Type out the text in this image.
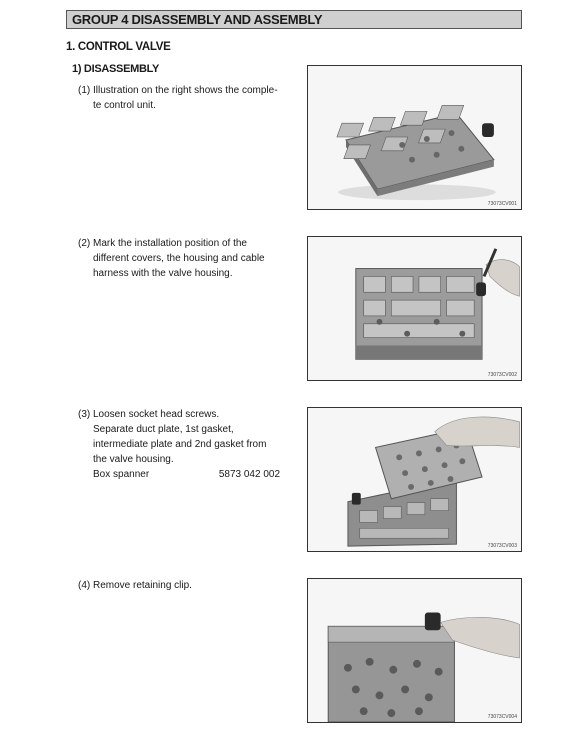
GROUP 4 DISASSEMBLY AND ASSEMBLY
1. CONTROL VALVE
1) DISASSEMBLY
(1) Illustration on the right shows the comple-
te control unit.
(2) Mark the installation position of the
different covers, the housing and cable
harness with the valve housing.
(3) Loosen socket head screws.
Separate duct plate, 1st gasket,
intermediate plate and 2nd gasket from
the valve housing.
Box spanner	5873 042 002
(4) Remove retaining clip.
73073CV001
73073CV002
73073CV003
73073CV004
